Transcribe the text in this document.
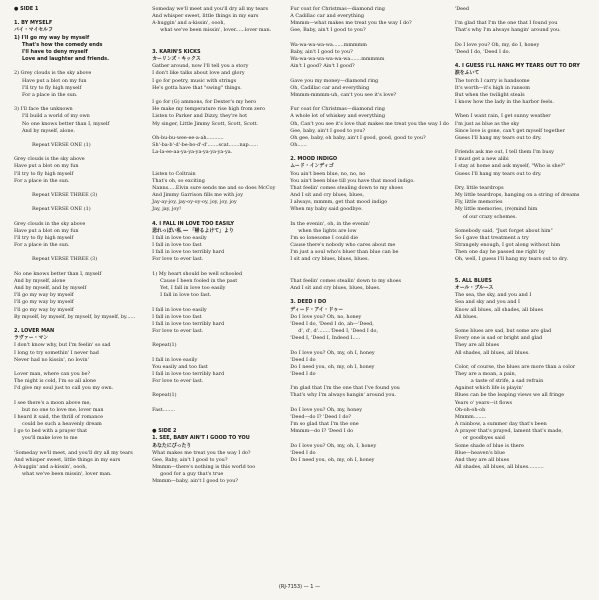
● SIDE 1

1. BY MYSELF
バイ・マイセルフ
1) I'll go my way by myself
That's how the comedy ends
I'll have to deny myself
Love and laughter and friends.

2) Grey clouds is the sky above
Have put a blot on my fun
I'll try to fly high myself
For a place in the sun.

3) I'll face the unknown
I'll build a world of my own
No one knows better than I, myself
And by myself, alone.

Repeat VERSE ONE (1)

Grey clouds is the sky above
Have put a blot on my fun
I'll try to fly high myself
For a place in the sun.

Repeat VERSE THREE (3)

Repeat VERSE ONE (1)

Grey clouds in the sky above
Have put a blot on my fun
I'll try to fly high myself
For a place in the sun.

Repeat VERSE THREE (3)

No one knows better than I, myself
And by myself, alone
And by myself, and by myself
I'll go my way by myself
I'll go my way by myself
I'll go my way by myself
By myself, by myself, by myself, by myself, by......

2. LOVER MAN
ラヴァー・マン
I don't know why, but I'm feelin' so sad
I long to try somethin' I never had
Never had no kissin', no lovin'

Lover man, where can you be?
The night is cold, I'm so all alone
I'd give my soul just to call you my own.

I see there's a moon above me,
but no one to love me, lover man
I heard it said, the thrill of romance
could be such a heavenly dream
I go to bed with a prayer that
you'll make love to me

'Someday we'll meet, and you'll dry all my tears
And whisper sweet, little things in my ears
A-huggin' and a-kissin', oooh,
what we've been missin', lover man.
Someday we'll meet and you'll dry all my tears
And whisper sweet, little things in my ears
A-huggin' and a-kissin', oooh,
what we've been missin', lover......lover man.

3. KARIN'S KICKS
カーリンズ・キックス
Gather around, now I'll tell you a story
I don't like talks about love and glory
I go for poetry, music with strings
He's gotta have that "swing" things.

I go for (G) ammons, for Dexter's my hero
He make my temperature rise high from zero
Listen to Parker and Dizzy, they're hot
My singer, Little Jimmy Scott, Scott, Scott.

Oh-bu-bu-wee-ee-a-ah...........
Sh'-ba-b'-d'-be-bo-d'-d'.......scat.......nap......
La-la-ee-aa-ya-ya-ya-ya-ya-ya-ya.

Listen to Coltrain
That's oh, so exciting
Nanns.....Elvin sure sends me and so does McCoy
And Jimmy Garrison fills me with joy
Jay-ay-joy, jay-oy-oy-oy, joy, joy, joy
Jay, jay, joy!

4. I FALL IN LOVE TOO EASILY
悲れっぽい私 ― 「帰るよけて」より
I fall in love too easily
I fall in love too fast
I fall in love too terribly hard
For love to ever last.

1) My heart should be well schooled
Cause I been fooled in the past
Yet, I fall in love too easily
I fall in love too fast.

I fall in love too easily
I fall in love too fast
I fall in love too terribly hard
For love to ever last.

Repeat(1)

I fall in love easily
You easily and too fast
I fall in love too terribly hard
For love to ever last.

Repeat(1)

Fast........

● SIDE 2
1. SEE, BABY AIN'T I GOOD TO YOU
あなたにぴったり
What makes me treat you the way I do?
Gee, Baby, ain't I good to you?
Mmmm—there's nothing is this world too
good for a guy that's true
Mmmm—baby, ain't I good to you?
Fur coat for Christmas—diamond ring
A Cadillac car and everything
Mmmm—what makes me treat you the way I do?
Gee, Baby, ain't I good to you?

Wa-wa-wa-wa-wa.......mmmmm
Baby, ain't I good to you?
Wa-wa-wa-wa-wa-wa-wa.......mmmmm
Ain't I good? Ain't I good?

Gave you my money—diamond ring
Oh, Cadillac car and everything
Mmmm-mmmm-uh, can't you see it's love?

Fur coat for Christmas—diamond ring
A whole lot of whiskey and everything
Oh, Can't you see it's love that makes me treat you the way I do
Gee, baby, ain't I good to you?
Oh gee, baby, oh baby, ain't I good, good, good to you?
Oh......

2. MOOD INDIGO
ムード・インディゴ
You ain't been blue, no, no, no
You ain't been blue till you have that mood indigo.
That feelin' comes stealing down to my shoes
And I sit and cry blues, blues,
I always, mmmm, get that mood indigo
When my baby said goodbye.

In the evenin', oh, in the evenin'
when the lights are low
I'm so lonesome I could die
Cause there's nobody who cares about me
I'm just a soul who's bluer than blue can be
I sit and cry blues, blues, blues.

That feelin' comes stealin' down to my shoes
And I sit and cry blues, blues, blues.

3. DEED I DO
ディード・アイ・ドゥー
Do I love you? Oh, no, honey
'Deed I do, 'Deed I do, ah—'Deed,
d', d', d'........'Deed I, 'Deed I do,
'Deed I, 'Deed I, Indeed I.....

Do I love you? Oh, my, oh I, honey
'Deed I do
Do I need you, oh, my, oh I, honey
'Deed I do

I'm glad that I'm the one that I've found you
That's why I'm always hangin' around you.

Do I love you? Oh, my, honey
'Deed—do I? 'Deed I do?
I'm so glad that I'm the one
Mmmm—do I? 'Deed I do

Do I love you? Oh, my, oh, I, honey
'Deed I do
Do I need you, oh, my, oh I, honey
'Deed

I'm glad that I'm the one that I found you
That's why I'm always hangin' around you.

Do I love you? Oh, my, do I, honey
'Deed I do, 'Deed I do.

4. I GUESS I'LL HANG MY TEARS OUT TO DRY
涙をふいて
The torch I carry is handsome
It's worth—it's high in ransom
But when the twilight steals
I know how the lady in the harbor feels.

When I want rain, I get sunny weather
I'm just as blue as the sky
Since love is gone, can't get myself together
Guess I'll hang my tears out to dry.

Friends ask me out, I tell them I'm busy
I must get a new alibi
I stay at home and ask myself, "Who is she?"
Guess I'll hang my tears out to dry.

Dry, little teardrops
My little teardrops, hanging on a string of dreams
Fly, little memories
My little memories, (re)mind him
of our crazy schemes.

Somebody said, "Just forget about him"
So I gave that treatment a try
Strangely enough, I got along without him
Then one day he passed me right by
Oh, well, I guess I'll hang my tears out to dry.

5. ALL BLUES
オール・ブルース
The sea, the sky, and you and I
Sea and sky and you and I
Know all blues, all shades, all blues
All blues.

Some blues are sad, but some are glad
Every one is sad or bright and glad
They are all blues
All shades, all blues, all blues.

Color, of course, the blues are more than a color
They are a moan, a pain,
a taste of strife, a sad refrain
Against which life is playin'
Blues can be the leaping views we all fringe
Years o' years—it flows
Oh-oh-oh-oh
Mmmm........
A rainbow, a summer day that's been
A prayer that's prayed, lament that's made,
or goodbyes said
Some shade of blue is there
Blue—heaven's blue
And they are all blues
All shades, all blues, all blues..........
(RJ-7153) — 1 —
